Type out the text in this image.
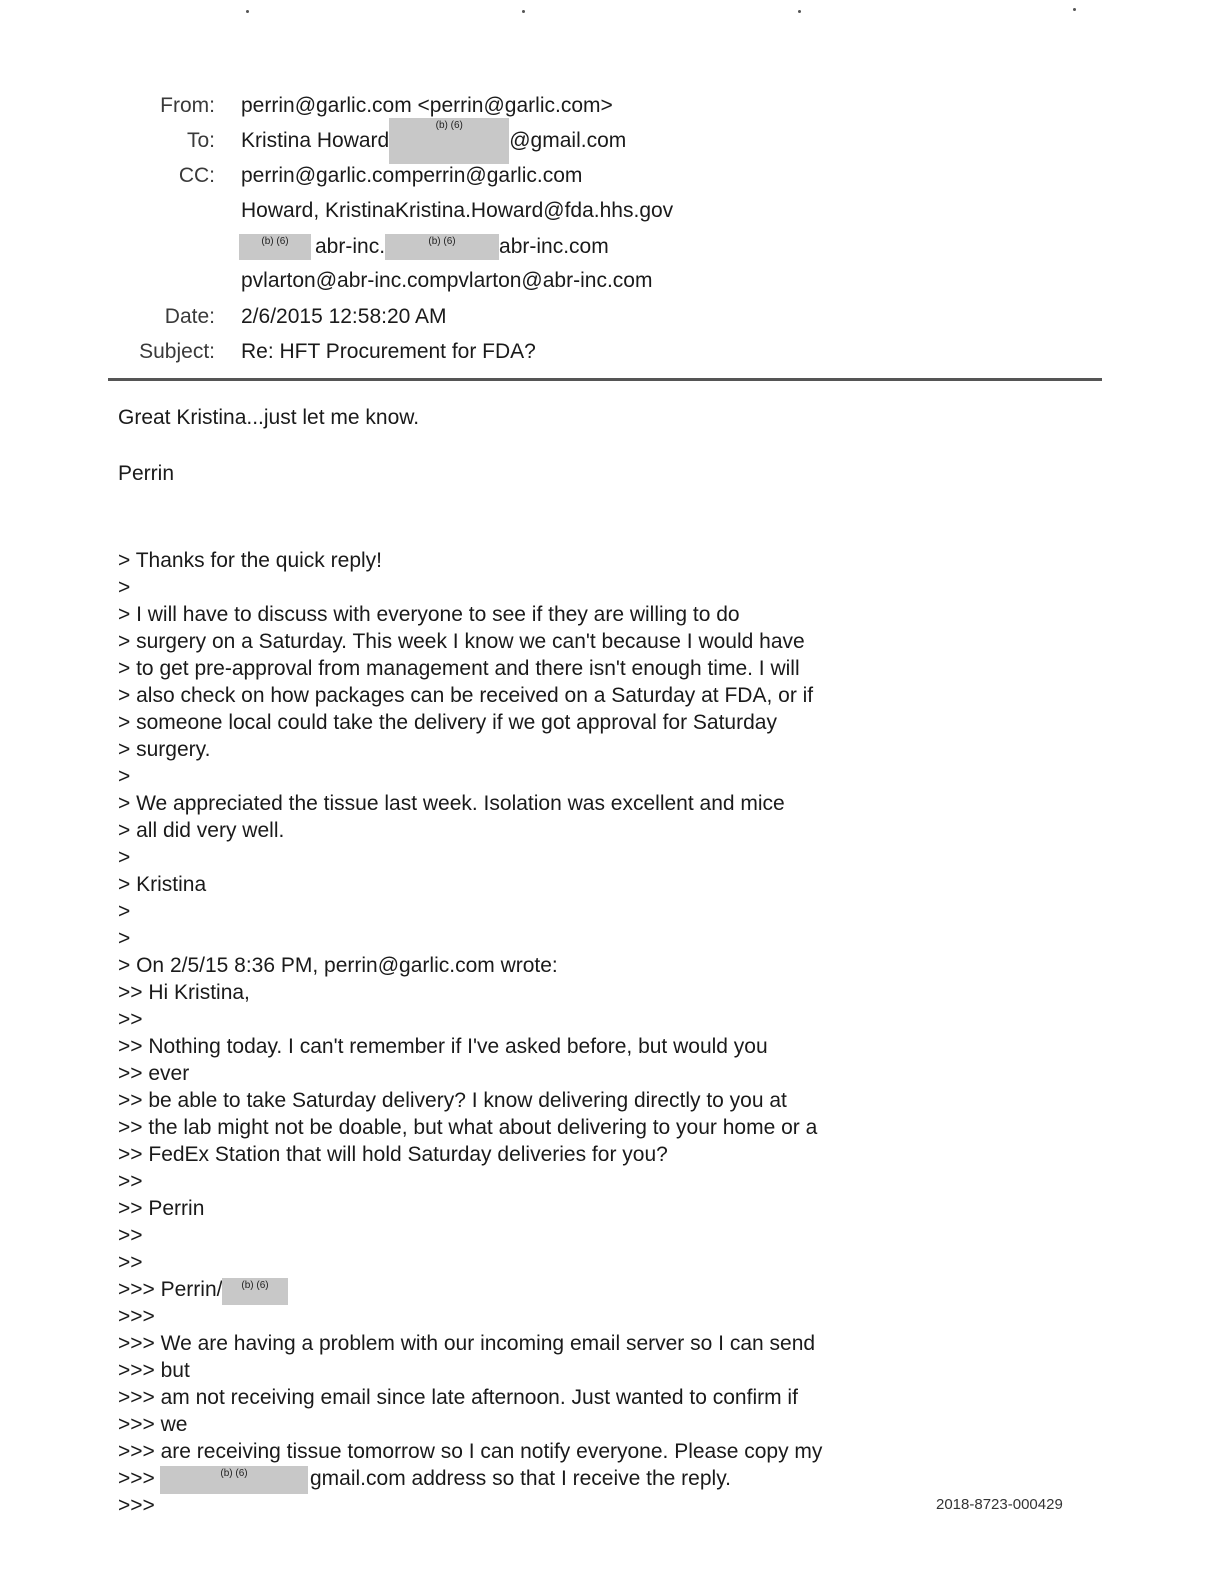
From: perrin@garlic.com <perrin@garlic.com>
To: Kristina Howard
(b) (6)
@gmail.com
CC: perrin@garlic.comperrin@garlic.com
Howard, KristinaKristina.Howard@fda.hhs.gov
(b) (6)	abr-inc.	(b) (6)	abr-inc.com
pvlarton@abr-inc.compvlarton@abr-inc.com
Date: 2/6/2015 12:58:20 AM
Subject: Re: HFT Procurement for FDA?
Great Kristina...just let me know.
Perrin
> Thanks for the quick reply!
>
> I will have to discuss with everyone to see if they are willing to do
> surgery on a Saturday. This week I know we can't because I would have
> to get pre-approval from management and there isn't enough time. I will
> also check on how packages can be received on a Saturday at FDA, or if
> someone local could take the delivery if we got approval for Saturday
> surgery.
>
> We appreciated the tissue last week. Isolation was excellent and mice
> all did very well.
>
> Kristina
>
>
> On 2/5/15 8:36 PM, perrin@garlic.com wrote:
>> Hi Kristina,
>>
>> Nothing today. I can't remember if I've asked before, but would you
>> ever
>> be able to take Saturday delivery? I know delivering directly to you at
>> the lab might not be doable, but what about delivering to your home or a
>> FedEx Station that will hold Saturday deliveries for you?
>>
>> Perrin
>>
>>
>>> Perrin/	(b) (6)
>>>
>>> We are having a problem with our incoming email server so I can send
>>> but
>>> am not receiving email since late afternoon. Just wanted to confirm if
>>> we
>>> are receiving tissue tomorrow so I can notify everyone. Please copy my
>>>	(b) (6)	gmail.com address so that I receive the reply.
>>>	2018-8723-000429
